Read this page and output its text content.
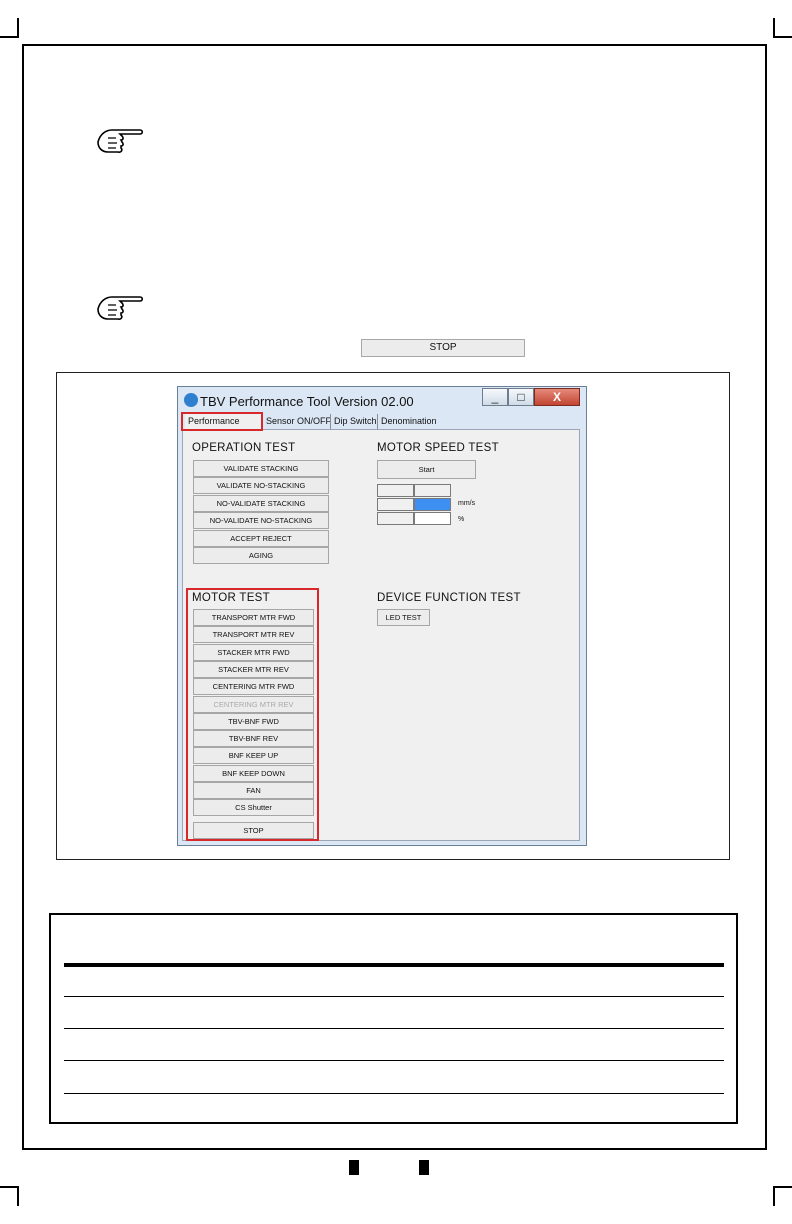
STOP
TBV Performance Tool Version 02.00	_	□	X
Performance	Sensor ON/OFF Dip Switch Denomination
OPERATION TEST
VALIDATE STACKING
VALIDATE NO-STACKING
NO-VALIDATE STACKING
NO-VALIDATE NO-STACKING
ACCEPT REJECT
AGING
MOTOR SPEED TEST
Start
mm/s
%
MOTOR TEST
TRANSPORT MTR FWD
TRANSPORT MTR REV
STACKER MTR FWD
STACKER MTR REV
CENTERING MTR FWD
CENTERING MTR REV
TBV-BNF FWD
TBV-BNF REV
BNF KEEP UP
BNF KEEP DOWN
FAN
CS Shutter
STOP
DEVICE FUNCTION TEST
LED TEST
